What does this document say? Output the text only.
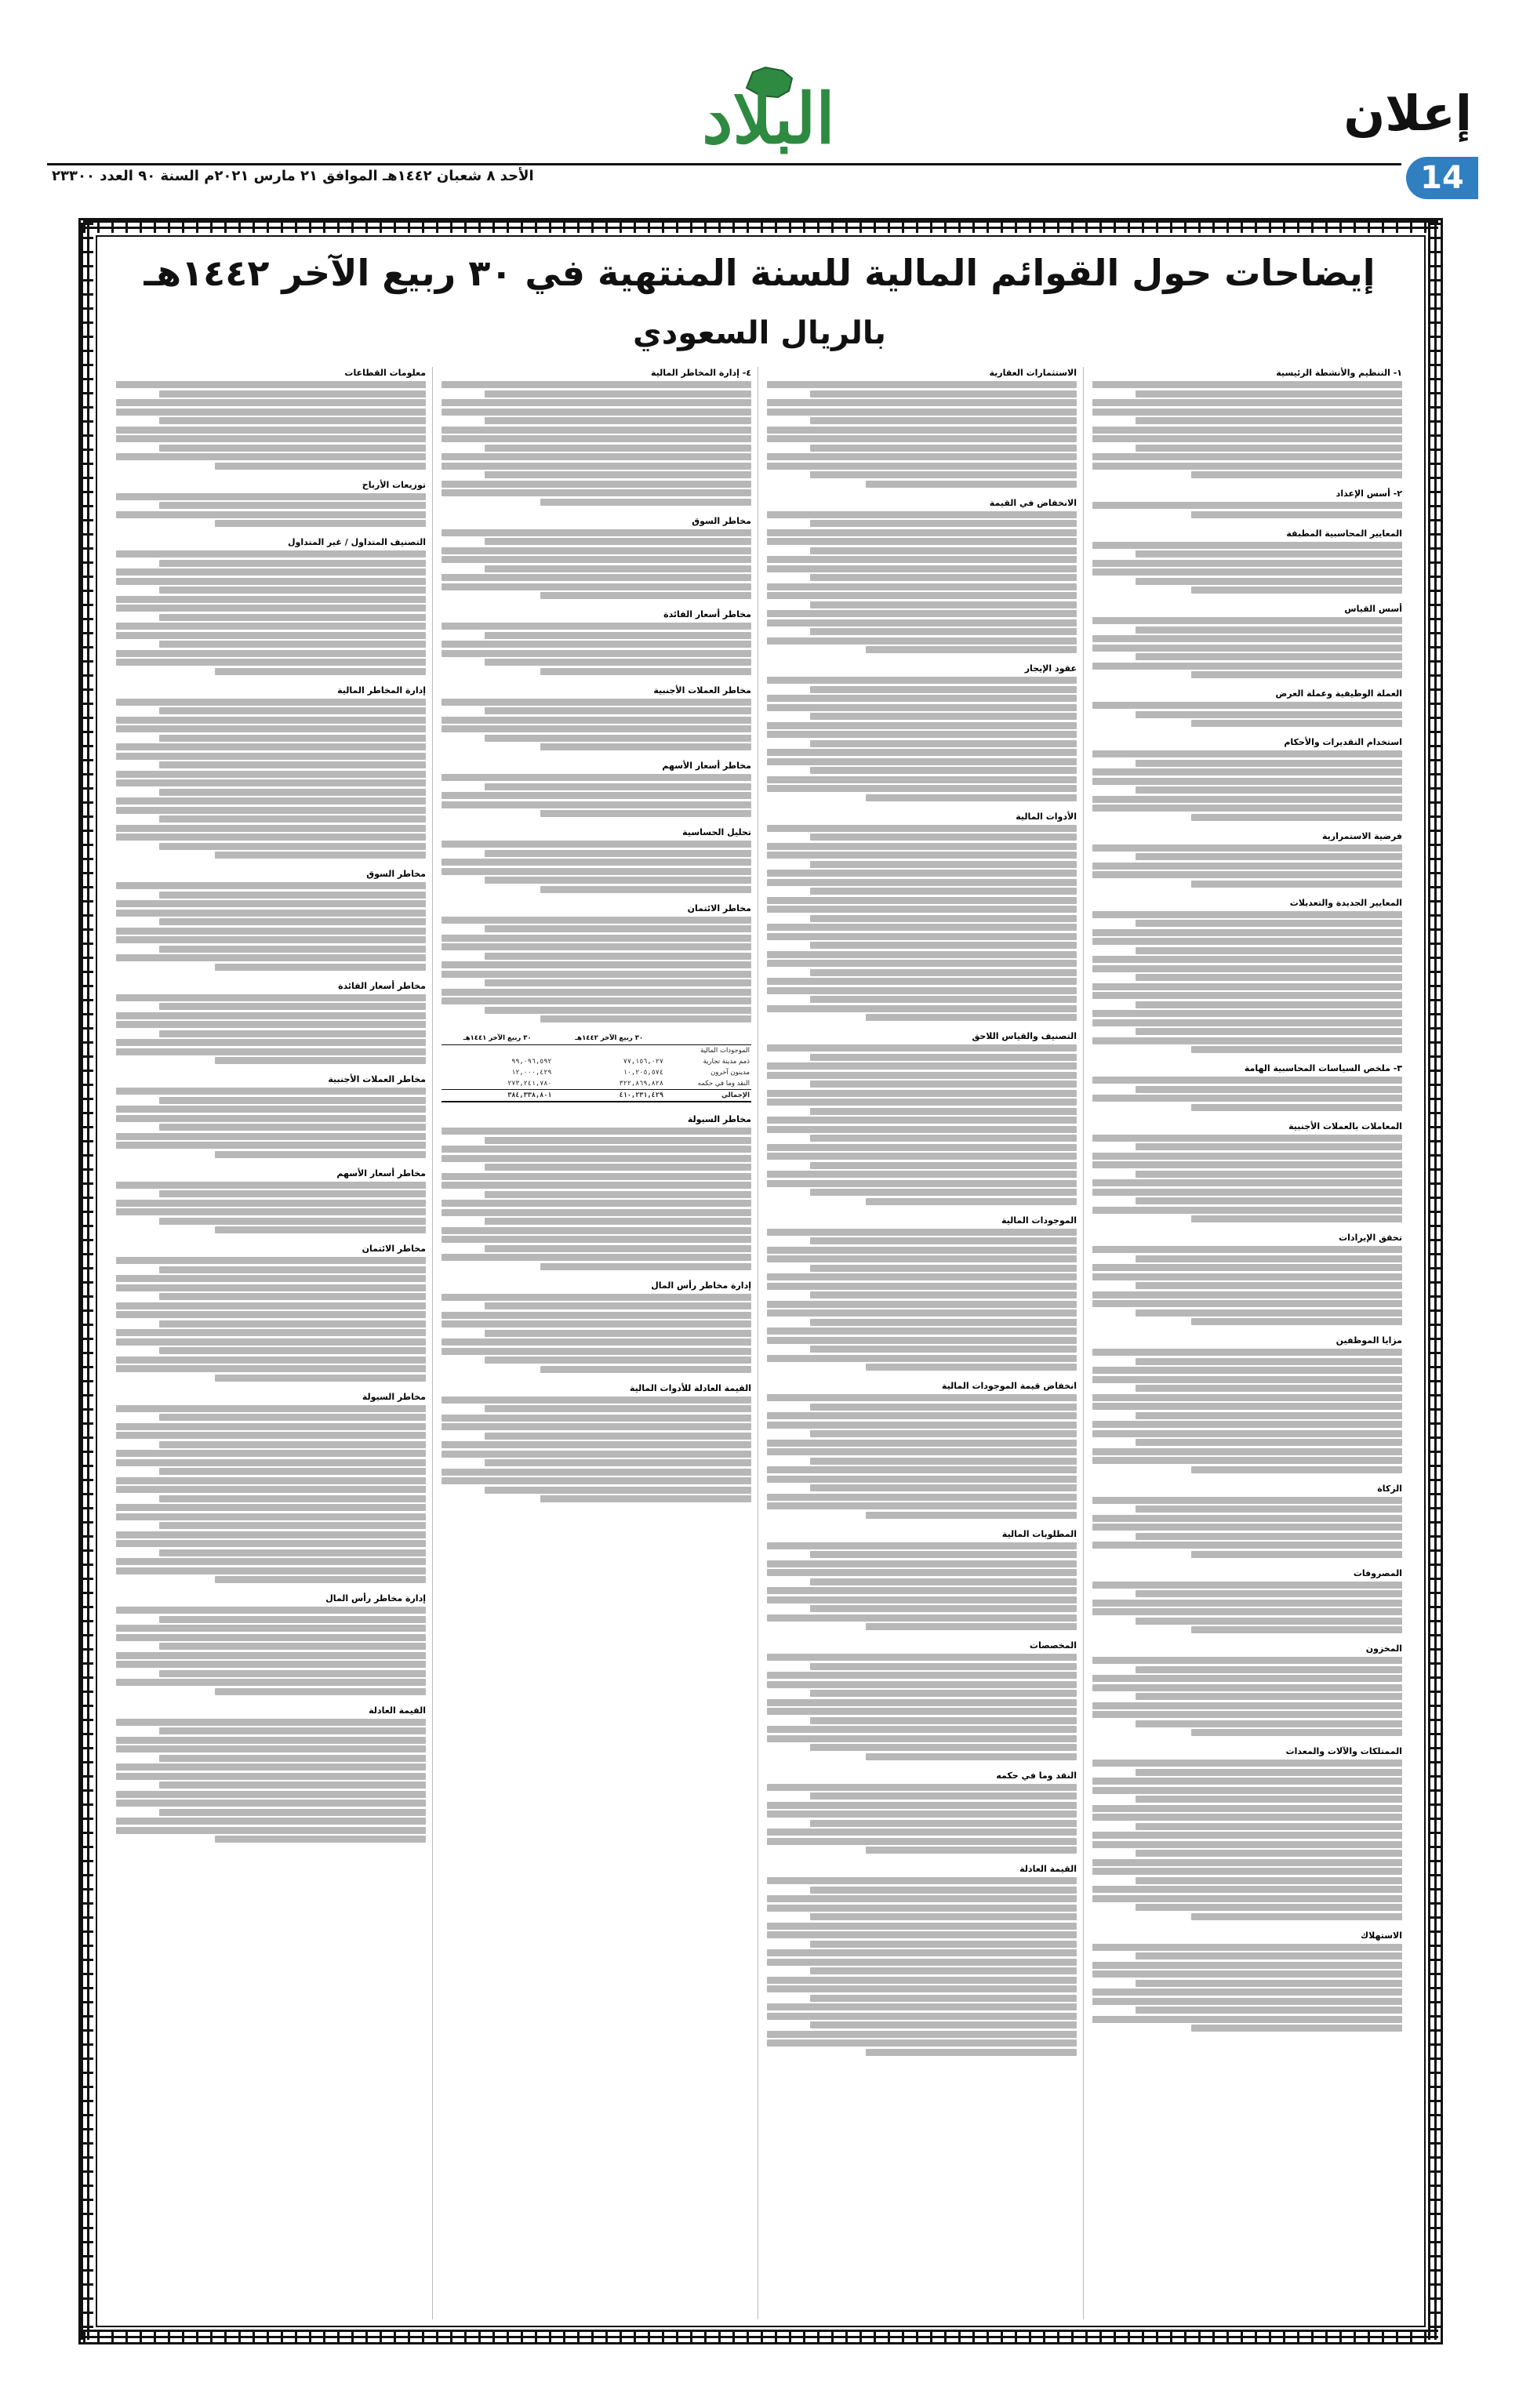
البلاد	إعلان
الأحد ٨ شعبان ١٤٤٢هـ الموافق ٢١ مارس ٢٠٢١م السنة ٩٠ العدد ٢٣٣٠٠	14
إيضاحات حول القوائم المالية للسنة المنتهية في ٣٠ ربيع الآخر ١٤٤٢هـ
بالريال السعودي
١- التنظيم والأنشطة الرئيسية
٢- أسس الإعداد
المعايير المحاسبية المطبقة
أسس القياس
العملة الوظيفية وعملة العرض
استخدام التقديرات والأحكام
فرضية الاستمرارية
المعايير الجديدة والتعديلات
٣- ملخص السياسات المحاسبية الهامة
المعاملات بالعملات الأجنبية
تحقق الإيرادات
مزايا الموظفين
الزكاة
المصروفات
المخزون
الممتلكات والآلات والمعدات
الاستهلاك
الاستثمارات العقارية
الانخفاض في القيمة
عقود الإيجار
الأدوات المالية
التصنيف والقياس اللاحق
الموجودات المالية
انخفاض قيمة الموجودات المالية
المطلوبات المالية
المخصصات
النقد وما في حكمه
القيمة العادلة
٤- إدارة المخاطر المالية
مخاطر السوق
مخاطر أسعار الفائدة
مخاطر العملات الأجنبية
مخاطر أسعار الأسهم
تحليل الحساسية
مخاطر الائتمان
	٣٠ ربيع الآخر ١٤٤٢هـ	٣٠ ربيع الآخر ١٤٤١هـ
الموجودات المالية		
ذمم مدينة تجارية	٧٧,١٥٦,٠٢٧	٩٩,٠٩٦,٥٩٢
مدينون آخرون	١٠,٢٠٥,٥٧٤	١٢,٠٠٠,٤٢٩
النقد وما في حكمه	٣٢٢,٨٦٩,٨٢٨	٢٧٣,٢٤١,٧٨٠
الإجمالي	٤١٠,٢٣١,٤٢٩	٣٨٤,٣٣٨,٨٠١
مخاطر السيولة
إدارة مخاطر رأس المال
القيمة العادلة للأدوات المالية
معلومات القطاعات
توزيعات الأرباح
التصنيف المتداول / غير المتداول
إدارة المخاطر المالية
مخاطر السوق
مخاطر أسعار الفائدة
مخاطر العملات الأجنبية
مخاطر أسعار الأسهم
مخاطر الائتمان
مخاطر السيولة
إدارة مخاطر رأس المال
القيمة العادلة
